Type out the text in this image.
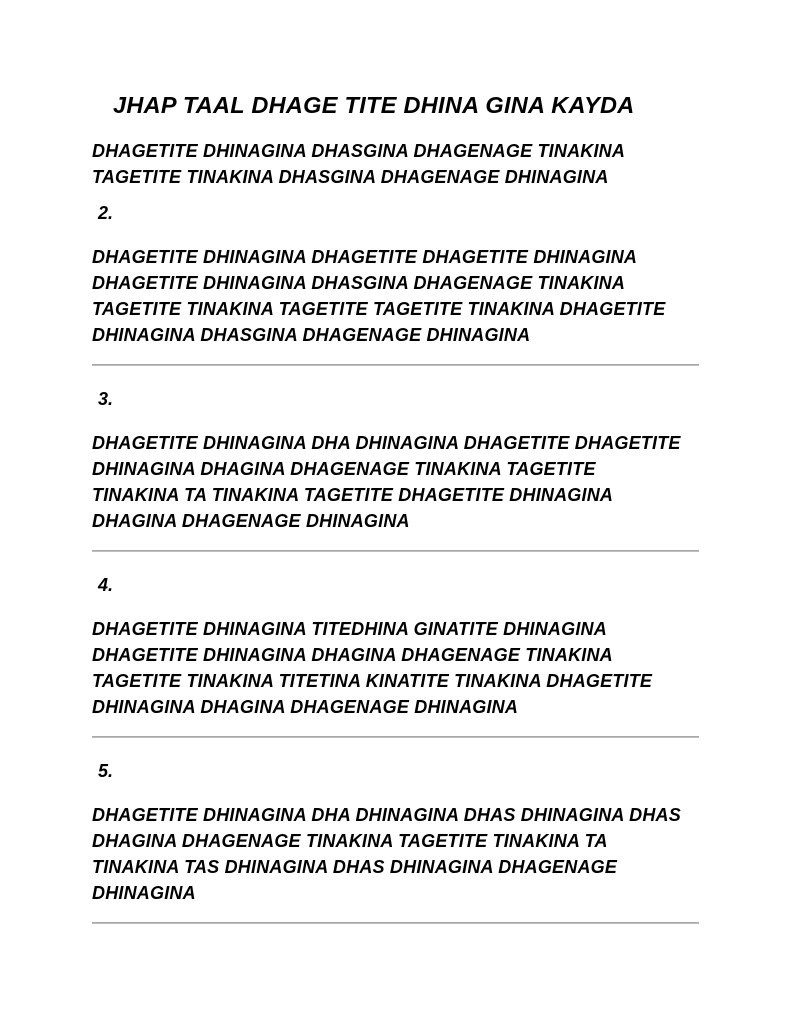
JHAP TAAL DHAGE TITE DHINA GINA KAYDA
DHAGETITE DHINAGINA DHASGINA DHAGENAGE TINAKINA
TAGETITE TINAKINA DHASGINA DHAGENAGE DHINAGINA
2.
DHAGETITE DHINAGINA DHAGETITE DHAGETITE DHINAGINA
DHAGETITE DHINAGINA DHASGINA DHAGENAGE TINAKINA
TAGETITE TINAKINA TAGETITE TAGETITE TINAKINA DHAGETITE
DHINAGINA DHASGINA DHAGENAGE DHINAGINA
3.
DHAGETITE DHINAGINA DHA DHINAGINA DHAGETITE DHAGETITE
DHINAGINA DHAGINA DHAGENAGE TINAKINA TAGETITE
TINAKINA TA TINAKINA TAGETITE DHAGETITE DHINAGINA
DHAGINA DHAGENAGE DHINAGINA
4.
DHAGETITE DHINAGINA TITEDHINA GINATITE DHINAGINA
DHAGETITE DHINAGINA DHAGINA DHAGENAGE TINAKINA
TAGETITE TINAKINA TITETINA KINATITE TINAKINA DHAGETITE
DHINAGINA DHAGINA DHAGENAGE DHINAGINA
5.
DHAGETITE DHINAGINA DHA DHINAGINA DHAS DHINAGINA DHAS
DHAGINA DHAGENAGE TINAKINA TAGETITE TINAKINA TA
TINAKINA TAS DHINAGINA DHAS DHINAGINA DHAGENAGE
DHINAGINA
